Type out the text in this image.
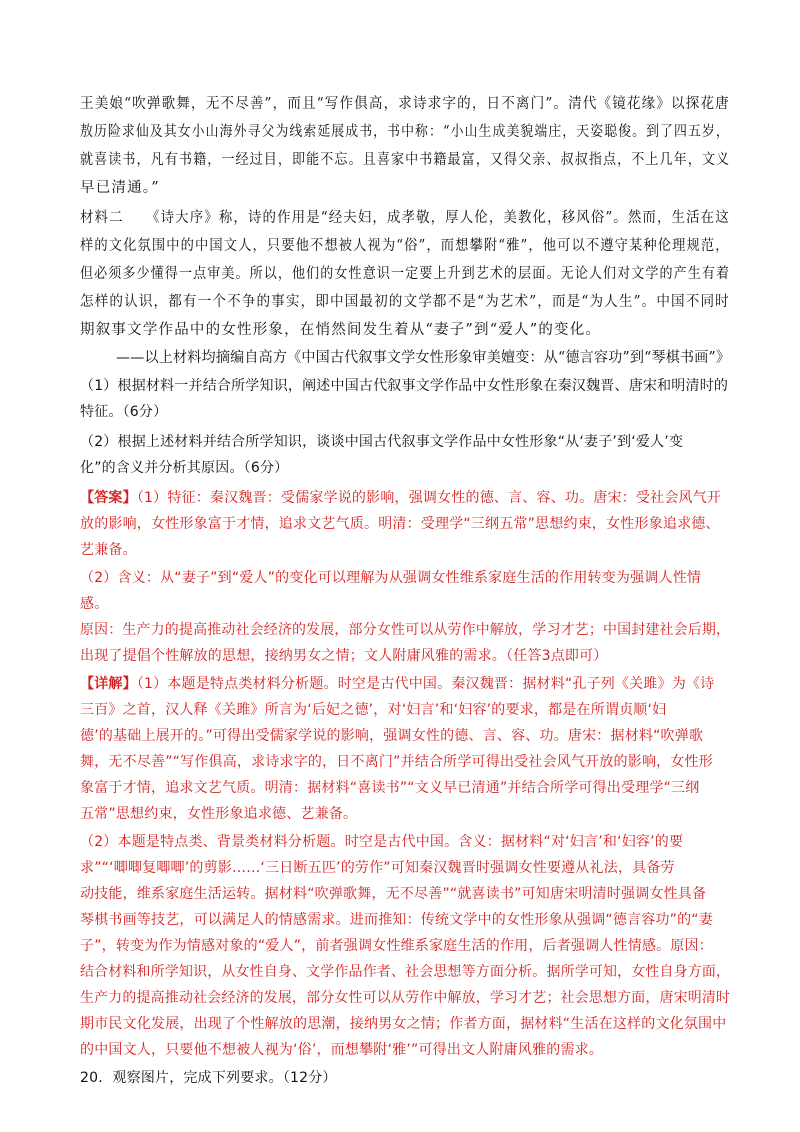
王美娘“吹弹歌舞，无不尽善”，而且“写作俱高，求诗求字的，日不离门”。清代《镜花缘》以探花唐
敖历险求仙及其女小山海外寻父为线索延展成书，书中称：“小山生成美貌端庄，天姿聪俊。到了四五岁，
就喜读书，凡有书籍，一经过目，即能不忘。且喜家中书籍最富，又得父亲、叔叔指点，不上几年，文义
早已清通。”
材料二　　《诗大序》称，诗的作用是“经夫妇，成孝敬，厚人伦，美教化，移风俗”。然而，生活在这
样的文化氛围中的中国文人，只要他不想被人视为“俗”，而想攀附“雅”，他可以不遵守某种伦理规范，
但必须多少懂得一点审美。所以，他们的女性意识一定要上升到艺术的层面。无论人们对文学的产生有着
怎样的认识，都有一个不争的事实，即中国最初的文学都不是“为艺术”，而是“为人生”。中国不同时
期叙事文学作品中的女性形象，在悄然间发生着从“妻子”到“爱人”的变化。
——以上材料均摘编自高方《中国古代叙事文学女性形象审美嬗变：从“德言容功”到“琴棋书画”》
（1）根据材料一并结合所学知识，阐述中国古代叙事文学作品中女性形象在秦汉魏晋、唐宋和明清时的
特征。（6分）
（2）根据上述材料并结合所学知识，谈谈中国古代叙事文学作品中女性形象“从‘妻子’到‘爱人’变
化”的含义并分析其原因。（6分）
【答案】（1）特征：秦汉魏晋：受儒家学说的影响，强调女性的德、言、容、功。唐宋：受社会风气开
放的影响，女性形象富于才情，追求文艺气质。明清：受理学“三纲五常”思想约束，女性形象追求德、
艺兼备。
（2）含义：从“妻子”到“爱人”的变化可以理解为从强调女性维系家庭生活的作用转变为强调人性情
感。
原因：生产力的提高推动社会经济的发展，部分女性可以从劳作中解放，学习才艺；中国封建社会后期，
出现了提倡个性解放的思想，接纳男女之情；文人附庸风雅的需求。（任答3点即可）
【详解】（1）本题是特点类材料分析题。时空是古代中国。秦汉魏晋：据材料“孔子列《关雎》为《诗
三百》之首，汉人释《关雎》所言为‘后妃之德’，对‘妇言’和‘妇容’的要求，都是在所谓贞顺‘妇
德’的基础上展开的。”可得出受儒家学说的影响，强调女性的德、言、容、功。唐宋：据材料“吹弹歌
舞，无不尽善”“写作俱高，求诗求字的，日不离门”并结合所学可得出受社会风气开放的影响，女性形
象富于才情，追求文艺气质。明清：据材料“喜读书”“文义早已清通”并结合所学可得出受理学“三纲
五常”思想约束，女性形象追求德、艺兼备。
（2）本题是特点类、背景类材料分析题。时空是古代中国。含义：据材料“对‘妇言’和‘妇容’的要
求”“‘唧唧复唧唧’的剪影……‘三日断五匹’的劳作”可知秦汉魏晋时强调女性要遵从礼法，具备劳
动技能，维系家庭生活运转。据材料“吹弹歌舞，无不尽善”“就喜读书”可知唐宋明清时强调女性具备
琴棋书画等技艺，可以满足人的情感需求。进而推知：传统文学中的女性形象从强调“德言容功”的“妻
子”，转变为作为情感对象的“爱人”，前者强调女性维系家庭生活的作用，后者强调人性情感。原因：
结合材料和所学知识，从女性自身、文学作品作者、社会思想等方面分析。据所学可知，女性自身方面，
生产力的提高推动社会经济的发展，部分女性可以从劳作中解放，学习才艺；社会思想方面，唐宋明清时
期市民文化发展，出现了个性解放的思潮，接纳男女之情；作者方面，据材料“生活在这样的文化氛围中
的中国文人，只要他不想被人视为‘俗’，而想攀附‘雅’”可得出文人附庸风雅的需求。
20．观察图片，完成下列要求。（12分）
